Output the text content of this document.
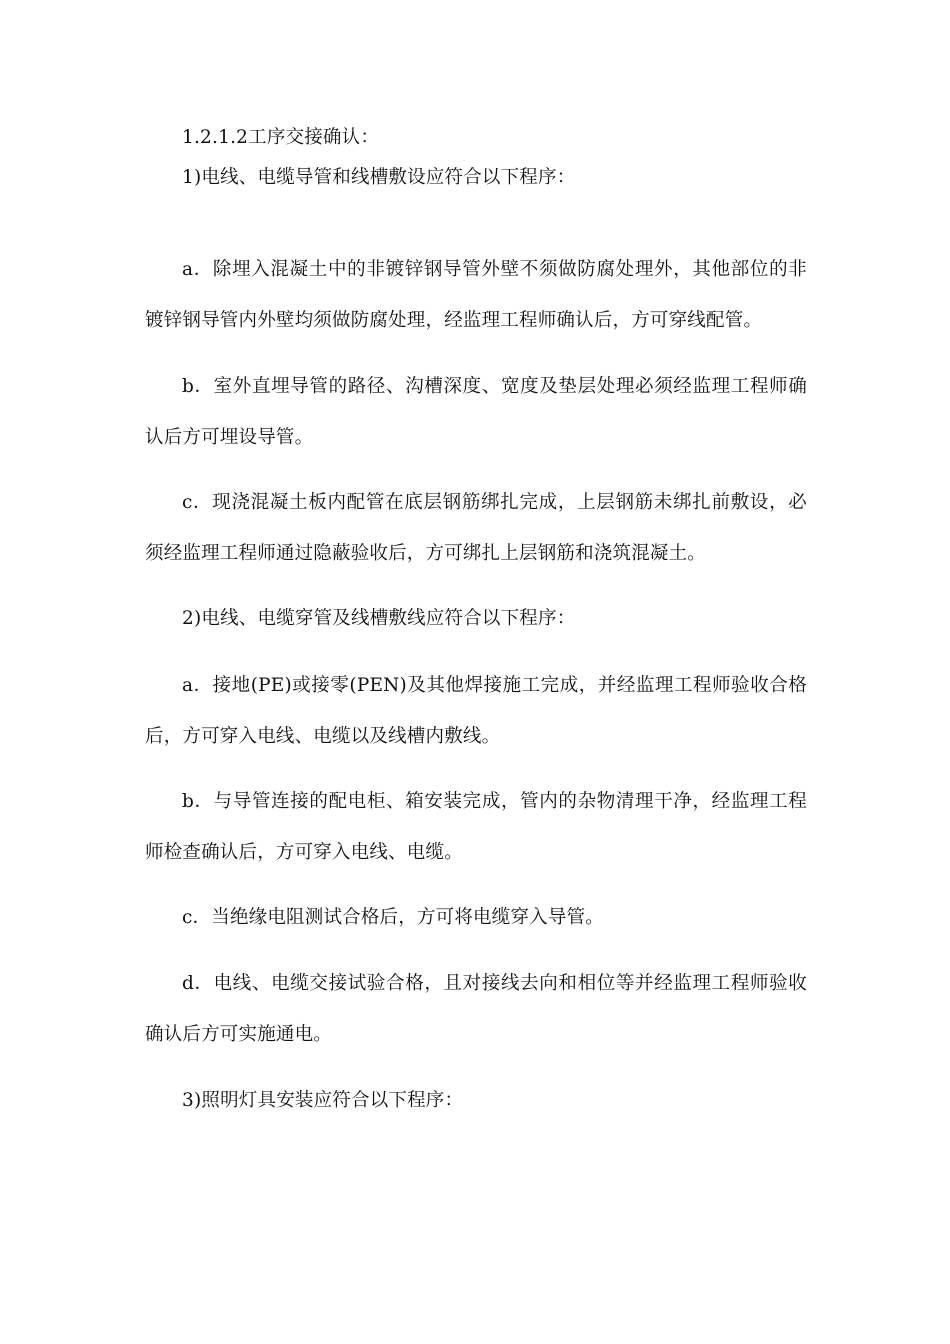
1.2.1.2工序交接确认：

1)电线、电缆导管和线槽敷设应符合以下程序：

a．除埋入混凝土中的非镀锌钢导管外壁不须做防腐处理外，其他部位的非镀锌钢导管内外壁均须做防腐处理，经监理工程师确认后，方可穿线配管。

b．室外直埋导管的路径、沟槽深度、宽度及垫层处理必须经监理工程师确认后方可埋设导管。

c．现浇混凝土板内配管在底层钢筋绑扎完成，上层钢筋未绑扎前敷设，必须经监理工程师通过隐蔽验收后，方可绑扎上层钢筋和浇筑混凝土。

2)电线、电缆穿管及线槽敷线应符合以下程序：

a．接地(PE)或接零(PEN)及其他焊接施工完成，并经监理工程师验收合格后，方可穿入电线、电缆以及线槽内敷线。

b．与导管连接的配电柜、箱安装完成，管内的杂物清理干净，经监理工程师检查确认后，方可穿入电线、电缆。

c．当绝缘电阻测试合格后，方可将电缆穿入导管。

d．电线、电缆交接试验合格，且对接线去向和相位等并经监理工程师验收确认后方可实施通电。

3)照明灯具安装应符合以下程序：
